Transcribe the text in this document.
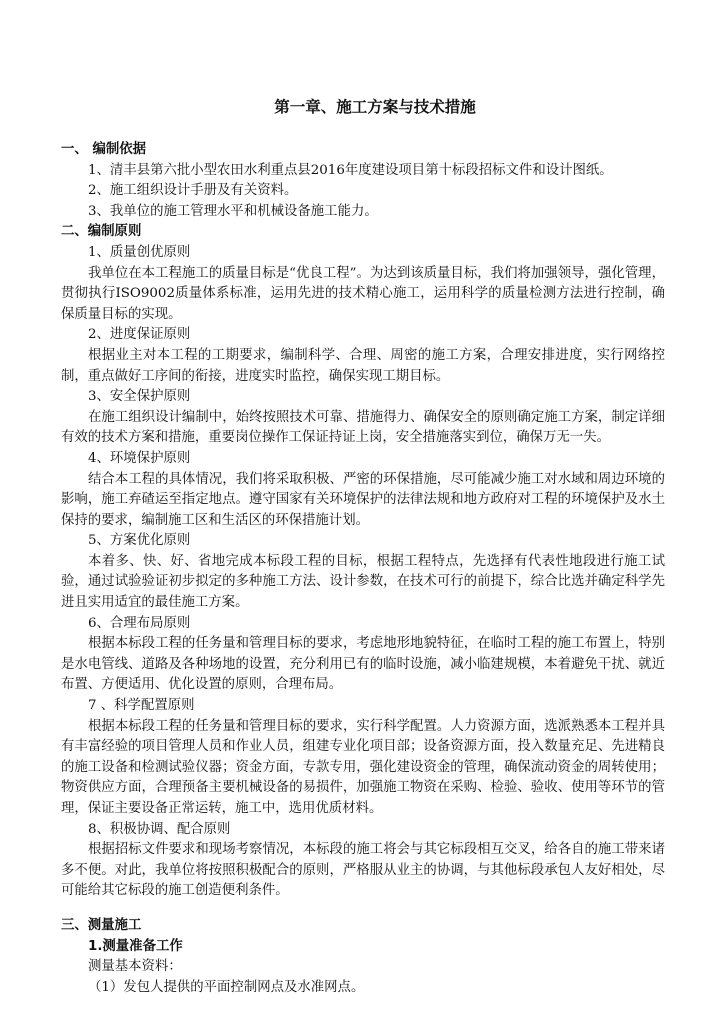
第一章、施工方案与技术措施
一、 编制依据
1、清丰县第六批小型农田水利重点县2016年度建设项目第十标段招标文件和设计图纸。
2、施工组织设计手册及有关资料。
3、我单位的施工管理水平和机械设备施工能力。
二、编制原则
1、质量创优原则

我单位在本工程施工的质量目标是“优良工程”。为达到该质量目标，我们将加强领导，强化管理，贯彻执行ISO9002质量体系标准，运用先进的技术精心施工，运用科学的质量检测方法进行控制，确保质量目标的实现。

2、进度保证原则

根据业主对本工程的工期要求，编制科学、合理、周密的施工方案，合理安排进度，实行网络控制，重点做好工序间的衔接，进度实时监控，确保实现工期目标。

3、安全保护原则

在施工组织设计编制中，始终按照技术可靠、措施得力、确保安全的原则确定施工方案，制定详细有效的技术方案和措施，重要岗位操作工保证持证上岗，安全措施落实到位，确保万无一失。

4、环境保护原则

结合本工程的具体情况，我们将采取积极、严密的环保措施，尽可能减少施工对水域和周边环境的影响，施工弃碴运至指定地点。遵守国家有关环境保护的法律法规和地方政府对工程的环境保护及水土保持的要求，编制施工区和生活区的环保措施计划。

5、方案优化原则

本着多、快、好、省地完成本标段工程的目标，根据工程特点，先选择有代表性地段进行施工试验，通过试验验证初步拟定的多种施工方法、设计参数，在技术可行的前提下，综合比选并确定科学先进且实用适宜的最佳施工方案。

6、合理布局原则

根据本标段工程的任务量和管理目标的要求，考虑地形地貌特征，在临时工程的施工布置上，特别是水电管线、道路及各种场地的设置，充分利用已有的临时设施，减小临建规模，本着避免干扰、就近布置、方便适用、优化设置的原则，合理布局。

7 、科学配置原则

根据本标段工程的任务量和管理目标的要求，实行科学配置。人力资源方面，选派熟悉本工程并具有丰富经验的项目管理人员和作业人员，组建专业化项目部；设备资源方面，投入数量充足、先进精良的施工设备和检测试验仪器；资金方面，专款专用，强化建设资金的管理，确保流动资金的周转使用；物资供应方面，合理预备主要机械设备的易损件，加强施工物资在采购、检验、验收、使用等环节的管理，保证主要设备正常运转，施工中，选用优质材料。

8、积极协调、配合原则

根据招标文件要求和现场考察情况，本标段的施工将会与其它标段相互交叉，给各自的施工带来诸多不便。对此，我单位将按照积极配合的原则，严格服从业主的协调，与其他标段承包人友好相处，尽可能给其它标段的施工创造便利条件。

三、测量施工
1.测量准备工作
测量基本资料：
（1）发包人提供的平面控制网点及水准网点。
